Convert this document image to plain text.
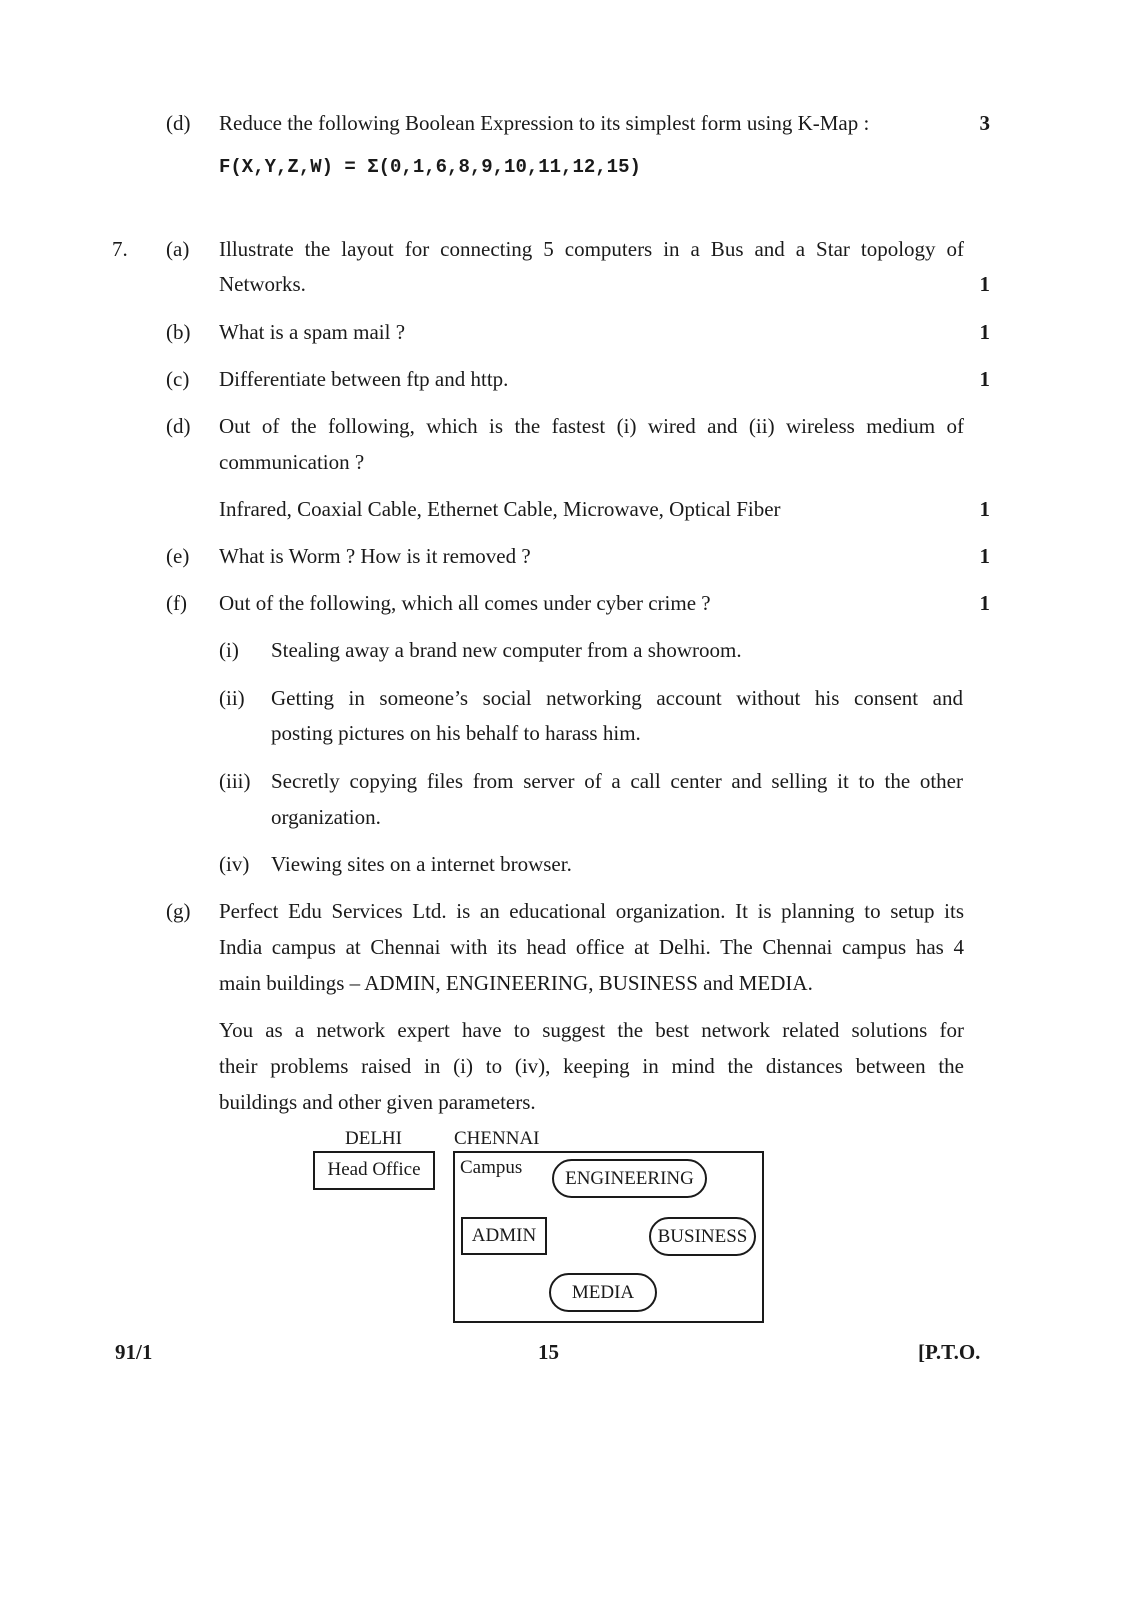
(d) Reduce the following Boolean Expression to its simplest form using K-Map :	3
F(X,Y,Z,W) = Σ(0,1,6,8,9,10,11,12,15)
7. (a) Illustrate the layout for connecting 5 computers in a Bus and a Star topology of
Networks.	1
(b) What is a spam mail ?	1
(c) Differentiate between ftp and http.	1
(d) Out of the following, which is the fastest (i) wired and (ii) wireless medium of
communication ?
Infrared, Coaxial Cable, Ethernet Cable, Microwave, Optical Fiber	1
(e) What is Worm ? How is it removed ?	1
(f) Out of the following, which all comes under cyber crime ?	1
(i) Stealing away a brand new computer from a showroom.
(ii) Getting in someone’s social networking account without his consent and
posting pictures on his behalf to harass him.
(iii) Secretly copying files from server of a call center and selling it to the other
organization.
(iv) Viewing sites on a internet browser.
(g) Perfect Edu Services Ltd. is an educational organization. It is planning to setup its
India campus at Chennai with its head office at Delhi. The Chennai campus has 4
main buildings – ADMIN, ENGINEERING, BUSINESS and MEDIA.
You as a network expert have to suggest the best network related solutions for
their problems raised in (i) to (iv), keeping in mind the distances between the
buildings and other given parameters.
DELHI	CHENNAI
Head Office	Campus
ENGINEERING
ADMIN	BUSINESS
MEDIA
91/1	15	[P.T.O.
